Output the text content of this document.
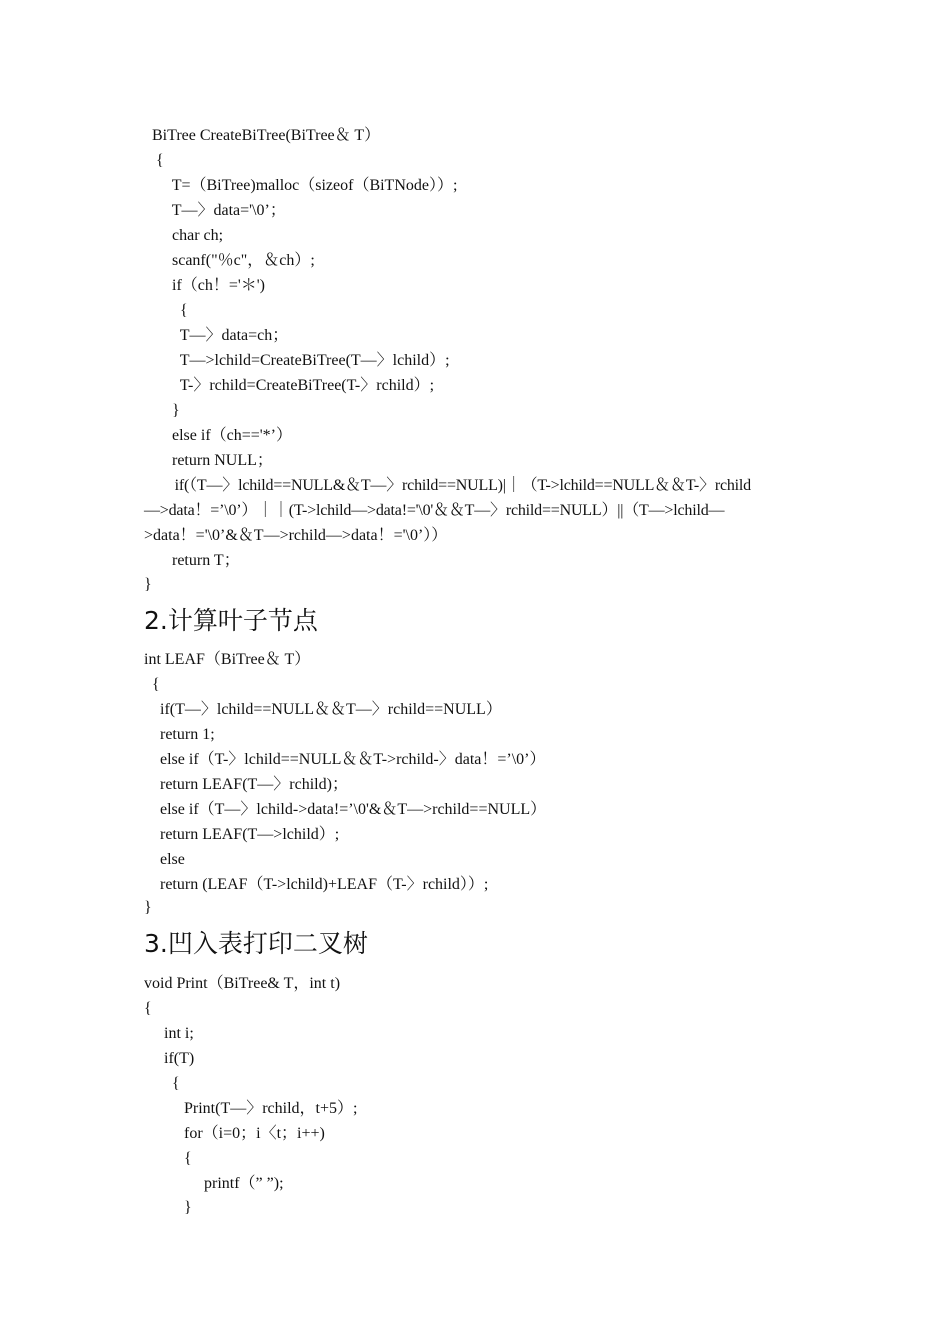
BiTree CreateBiTree(BiTree＆ T）
{
T=（BiTree)malloc（sizeof（BiTNode））;
T—〉data='\0’；
char ch;
scanf("％c"，＆ch）;
if（ch！='＊')
{
T—〉data=ch；
T—>lchild=CreateBiTree(T—〉lchild）;
T-〉rchild=CreateBiTree(T-〉rchild）;
}
else if（ch=='*’）
return NULL；
if(（T—〉lchild==NULL&＆T—〉rchild==NULL)|｜（T->lchild==NULL＆＆T-〉rchild
—>data！=’\0’）｜｜(T->lchild—>data!='\0'＆＆T—〉rchild==NULL）||（T—>lchild—
>data！='\0’&＆T—>rchild—>data！='\0’））
return T；
}
2.计算叶子节点
int LEAF（BiTree＆ T）
{
if(T—〉lchild==NULL＆＆T—〉rchild==NULL）
return 1;
else if（T-〉lchild==NULL＆＆T->rchild-〉data！=’\0’）
return LEAF(T—〉rchild)；
else if（T—〉lchild->data!=’\0'&＆T—>rchild==NULL）
return LEAF(T—>lchild）;
else
return (LEAF（T->lchild)+LEAF（T-〉rchild））;
}
3.凹入表打印二叉树
void Print（BiTree& T，int t)
{
int i;
if(T)
{
Print(T—〉rchild，t+5）;
for（i=0；i〈t；i++)
{
printf（” ”);
}
